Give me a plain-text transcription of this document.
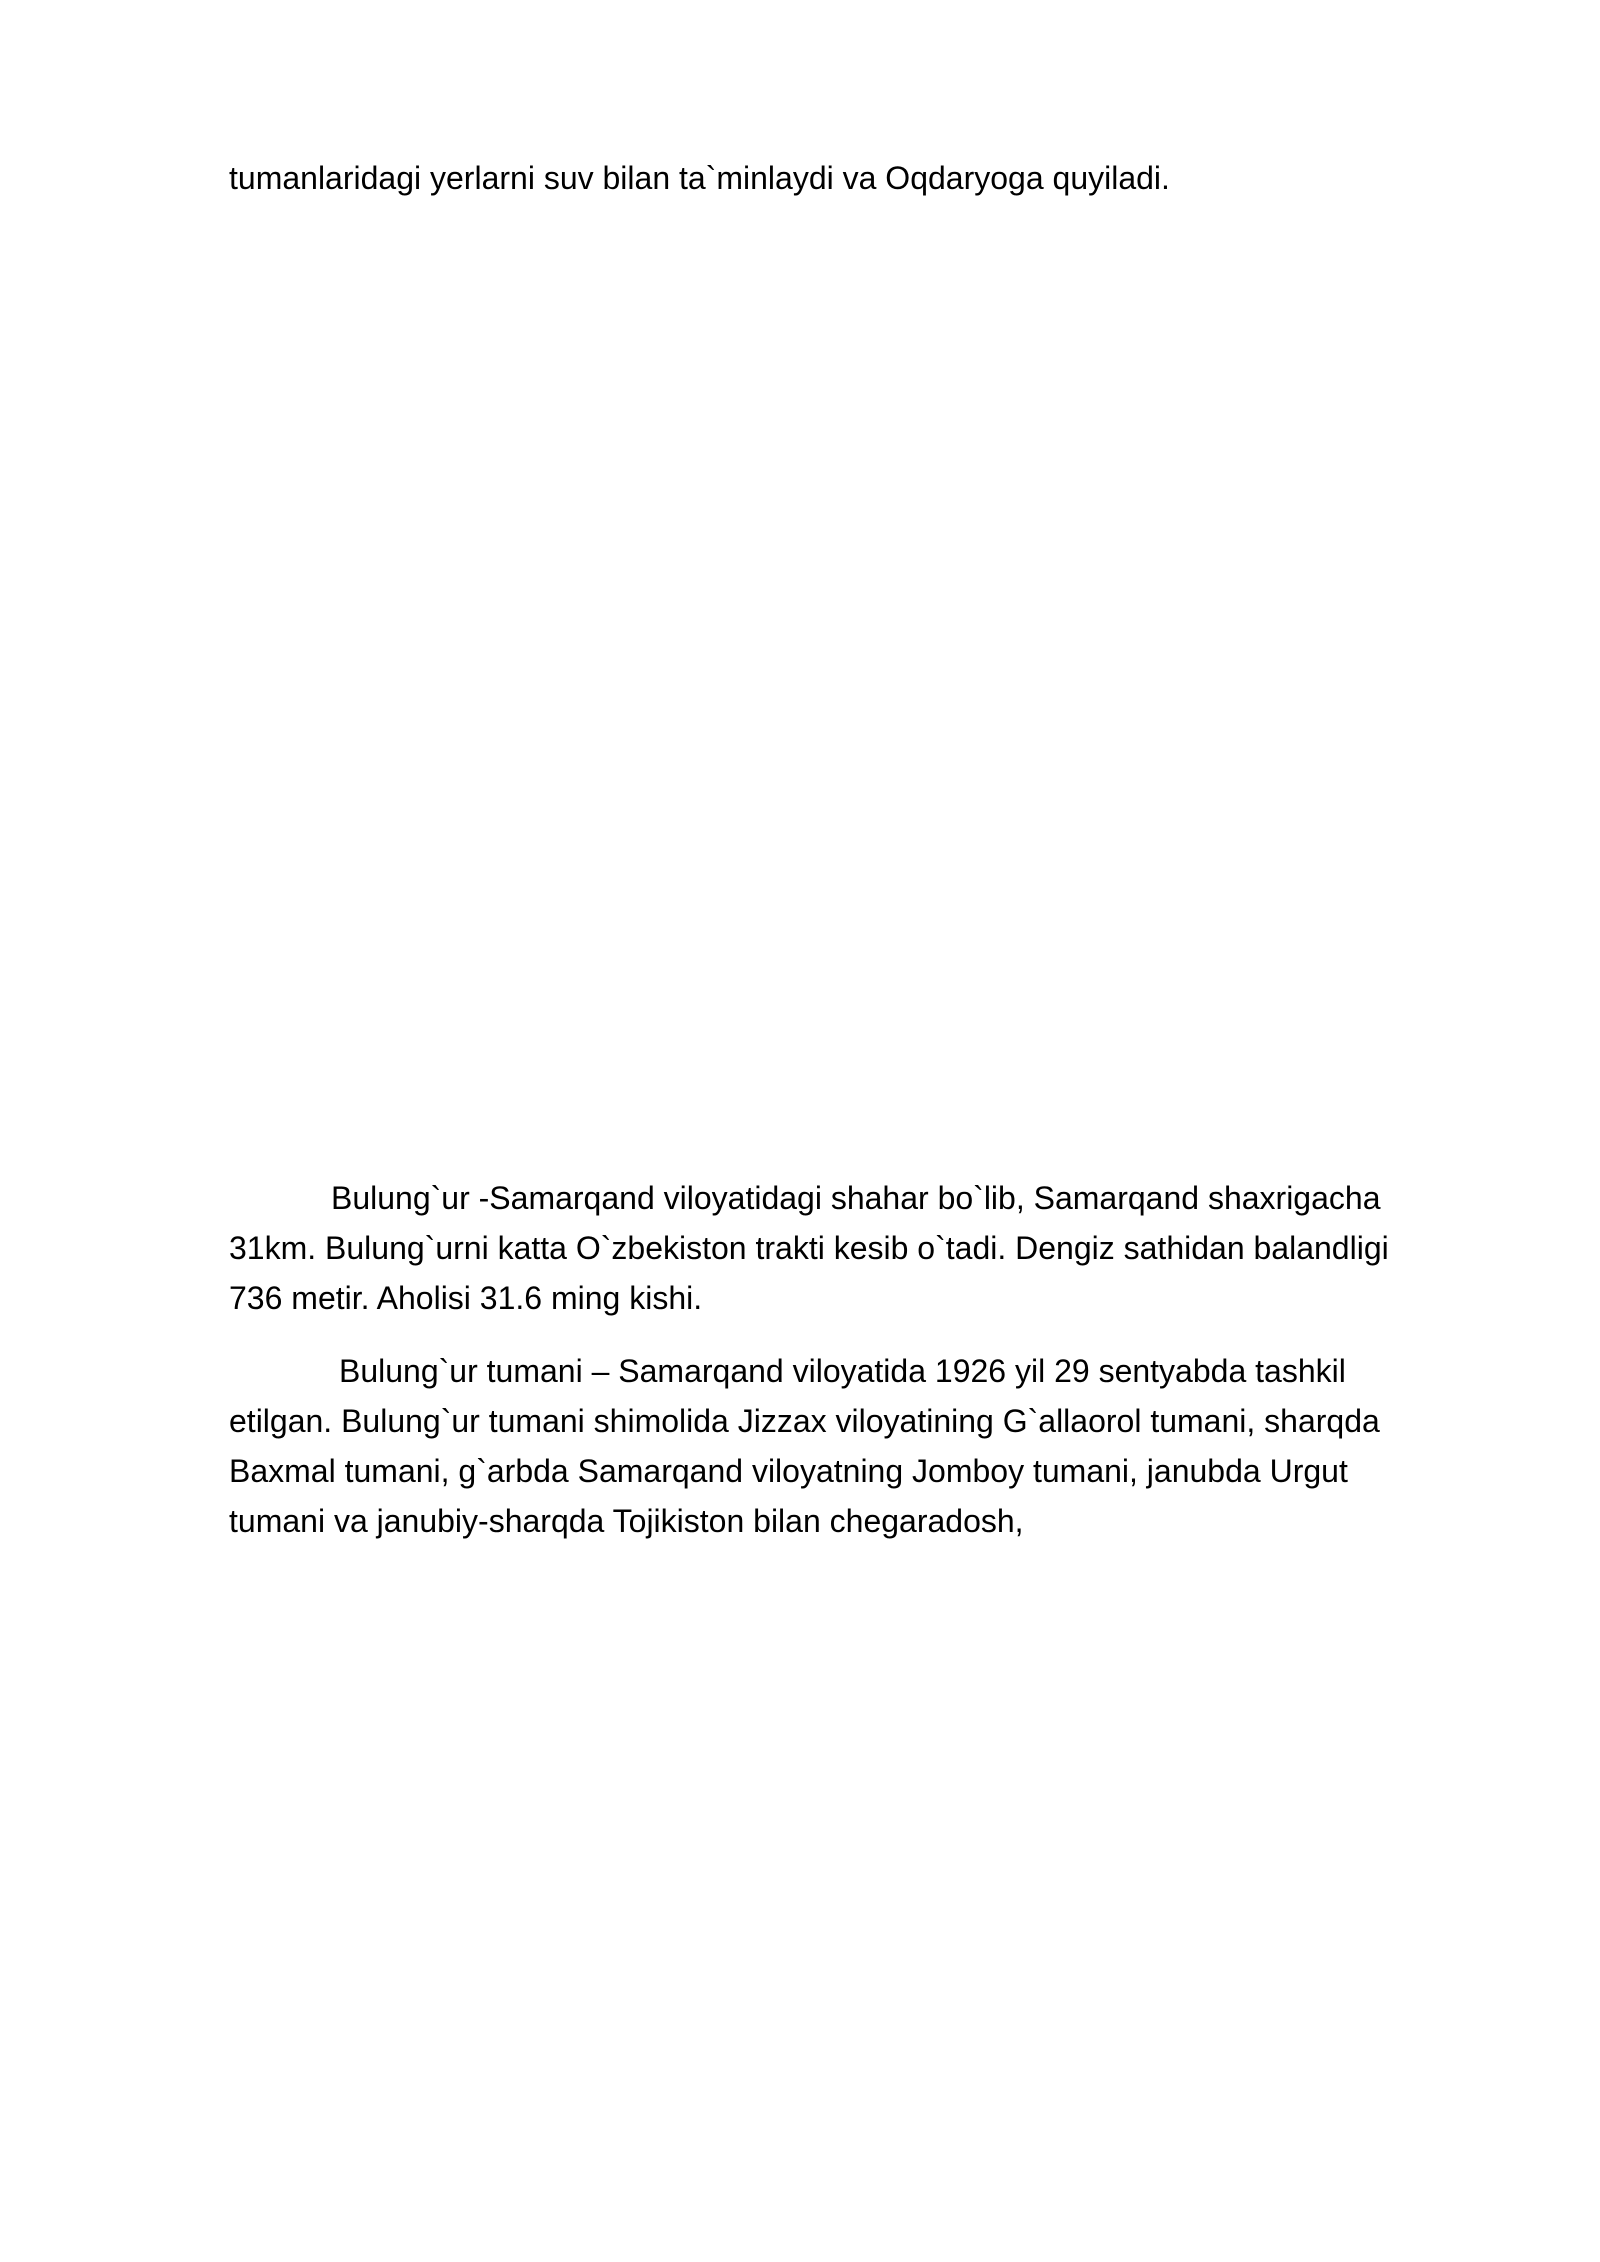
tumanlaridagi yerlarni suv bilan ta`minlaydi va Oqdaryoga quyiladi.
Bulung`ur -Samarqand viloyatidagi shahar bo`lib, Samarqand shaxrigacha
31km. Bulung`urni katta O`zbekiston trakti kesib o`tadi. Dengiz sathidan balandligi
736 metir. Aholisi 31.6 ming kishi.
Bulung`ur tumani – Samarqand viloyatida 1926 yil 29 sentyabda tashkil
etilgan. Bulung`ur tumani shimolida Jizzax viloyatining G`allaorol tumani, sharqda
Baxmal tumani, g`arbda Samarqand viloyatning Jomboy tumani, janubda Urgut
tumani va janubiy-sharqda Tojikiston bilan chegaradosh,
